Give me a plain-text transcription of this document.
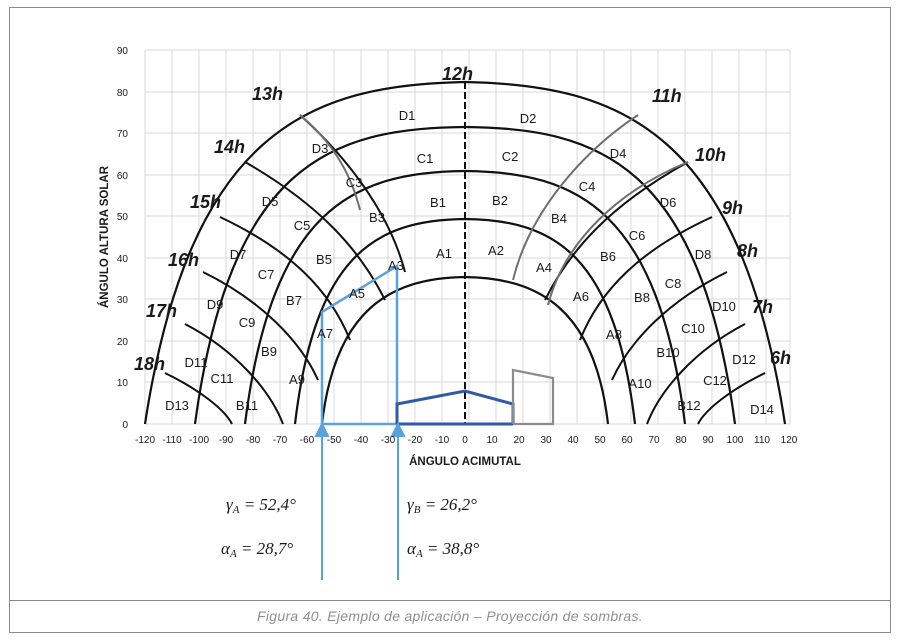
0
10
20
30
40
50
60
70
80
90
-120 -110 -100 -90 -80 -70 -60 -50 -40 -30 -20 -10 0 10 20 30 40 50 60 70 80 90 100 110 120
ÁNGULO ACIMUTAL
ÁNGULO ALTURA SOLAR
12h
13h	11h
14h	10h
15h	9h
16h	8h
17h	7h
18h	6h
D1	D2
D3	D4
D5	D6
D7	D8
D9	D10
D11	D12
D13	D14
C1	C2
C3	C4
C5
C6
C7
C8
C9	C10
C11	C12
B1	B2
B3	B4
B5	B6
B7	B8
B9	B10
B11	B12
A1	A2
A3	A4
A5	A6
A7	A8
A9	A10
γA = 52,4°	γB = 26,2°
αA = 28,7°	αA = 38,8°
Figura 40. Ejemplo de aplicación – Proyección de sombras.
